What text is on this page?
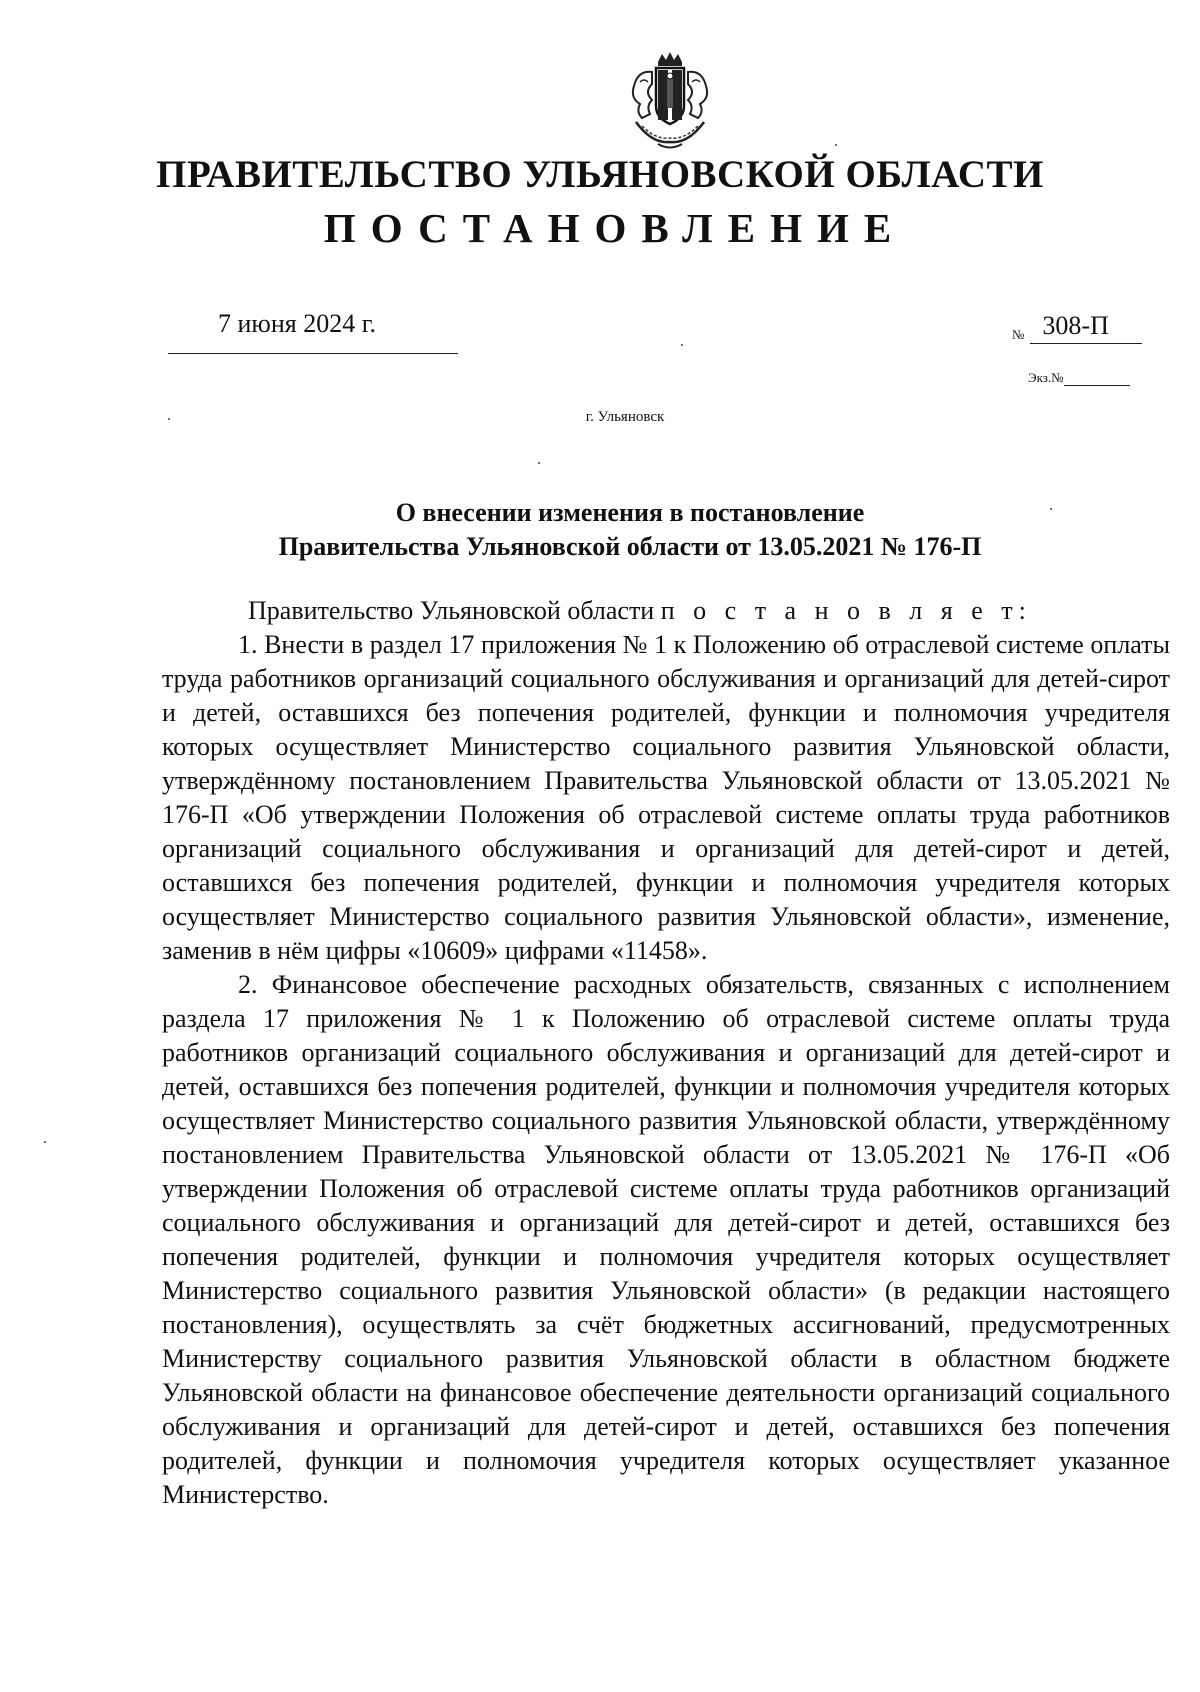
ПРАВИТЕЛЬСТВО УЛЬЯНОВСКОЙ ОБЛАСТИ
ПОСТАНОВЛЕНИЕ
7 июня 2024 г.	№ 308-П
Экз.№
г. Ульяновск
О внесении изменения в постановление
Правительства Ульяновской области от 13.05.2021 № 176-П

Правительство Ульяновской области п о с т а н о в л я е т:

1. Внести в раздел 17 приложения № 1 к Положению об отраслевой системе оплаты труда работников организаций социального обслуживания и организаций для детей-сирот и детей, оставшихся без попечения родителей, функции и полномочия учредителя которых осуществляет Министерство социального развития Ульяновской области, утверждённому постановлением Правительства Ульяновской области от 13.05.2021 № 176-П «Об утверждении Положения об отраслевой системе оплаты труда работников организаций социального обслуживания и организаций для детей-сирот и детей, оставшихся без попечения родителей, функции и полномочия учредителя которых осуществляет Министерство социального развития Ульяновской области», изменение, заменив в нём цифры «10609» цифрами «11458».

2. Финансовое обеспечение расходных обязательств, связанных с исполнением раздела 17 приложения № 1 к Положению об отраслевой системе оплаты труда работников организаций социального обслуживания и организаций для детей-сирот и детей, оставшихся без попечения родителей, функции и полномочия учредителя которых осуществляет Министерство социального развития Ульяновской области, утверждённому постановлением Правительства Ульяновской области от 13.05.2021 № 176-П «Об утверждении Положения об отраслевой системе оплаты труда работников организаций социального обслуживания и организаций для детей-сирот и детей, оставшихся без попечения родителей, функции и полномочия учредителя которых осуществляет Министерство социального развития Ульяновской области» (в редакции настоящего постановления), осуществлять за счёт бюджетных ассигнований, предусмотренных Министерству социального развития Ульяновской области в областном бюджете Ульяновской области на финансовое обеспечение деятельности организаций социального обслуживания и организаций для детей-сирот и детей, оставшихся без попечения родителей, функции и полномочия учредителя которых осуществляет указанное Министерство.
